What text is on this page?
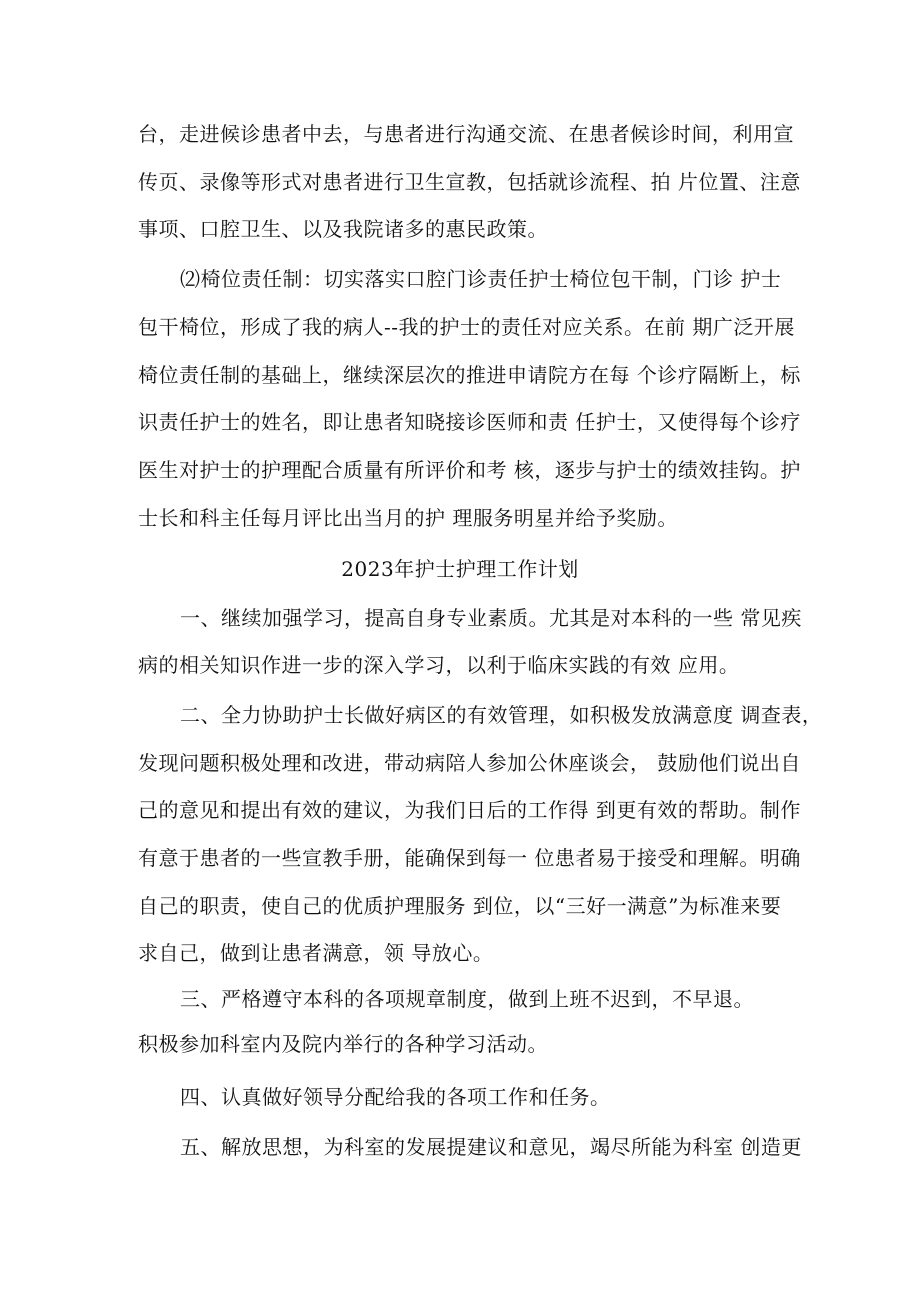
台，走进候诊患者中去，与患者进行沟通交流、在患者候诊时间，利用宣
传页、录像等形式对患者进行卫生宣教，包括就诊流程、拍 片位置、注意
事项、口腔卫生、以及我院诸多的惠民政策。
⑵椅位责任制：切实落实口腔门诊责任护士椅位包干制，门诊 护士
包干椅位，形成了我的病人--我的护士的责任对应关系。在前 期广泛开展
椅位责任制的基础上，继续深层次的推进申请院方在每 个诊疗隔断上，标
识责任护士的姓名，即让患者知晓接诊医师和责 任护士，又使得每个诊疗
医生对护士的护理配合质量有所评价和考 核，逐步与护士的绩效挂钩。护
士长和科主任每月评比出当月的护 理服务明星并给予奖励。
2023年护士护理工作计划
一、继续加强学习，提高自身专业素质。尤其是对本科的一些 常见疾
病的相关知识作进一步的深入学习，以利于临床实践的有效 应用。
二、全力协助护士长做好病区的有效管理，如积极发放满意度 调查表，
发现问题积极处理和改进，带动病陪人参加公休座谈会， 鼓励他们说出自
己的意见和提出有效的建议，为我们日后的工作得 到更有效的帮助。制作
有意于患者的一些宣教手册，能确保到每一 位患者易于接受和理解。明确
自己的职责，使自己的优质护理服务 到位，以“三好一满意”为标准来要
求自己，做到让患者满意，领 导放心。
三、严格遵守本科的各项规章制度，做到上班不迟到，不早退。
积极参加科室内及院内举行的各种学习活动。
四、认真做好领导分配给我的各项工作和任务。
五、解放思想，为科室的发展提建议和意见，竭尽所能为科室 创造更
